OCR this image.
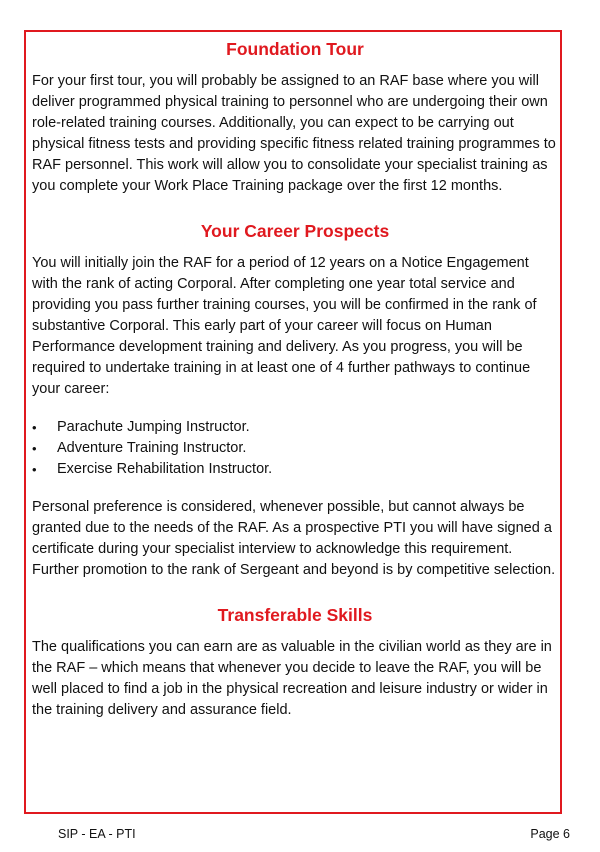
Foundation Tour

For your first tour, you will probably be assigned to an RAF base where you will deliver programmed physical training to personnel who are undergoing their own role-related training courses. Additionally, you can expect to be carrying out physical fitness tests and providing specific fitness related training programmes to RAF personnel. This work will allow you to consolidate your specialist training as you complete your Work Place Training package over the first 12 months.

Your Career Prospects

You will initially join the RAF for a period of 12 years on a Notice Engagement with the rank of acting Corporal. After completing one year total service and providing you pass further training courses, you will be confirmed in the rank of substantive Corporal. This early part of your career will focus on Human Performance development training and delivery. As you progress, you will be required to undertake training in at least one of 4 further pathways to continue your career:

•	Parachute Jumping Instructor.
•	Adventure Training Instructor.
•	Exercise Rehabilitation Instructor.

Personal preference is considered, whenever possible, but cannot always be granted due to the needs of the RAF. As a prospective PTI you will have signed a certificate during your specialist interview to acknowledge this requirement. Further promotion to the rank of Sergeant and beyond is by competitive selection.

Transferable Skills

The qualifications you can earn are as valuable in the civilian world as they are in the RAF – which means that whenever you decide to leave the RAF, you will be well placed to find a job in the physical recreation and leisure industry or wider in the training delivery and assurance field.

SIP - EA - PTI	Page 6
